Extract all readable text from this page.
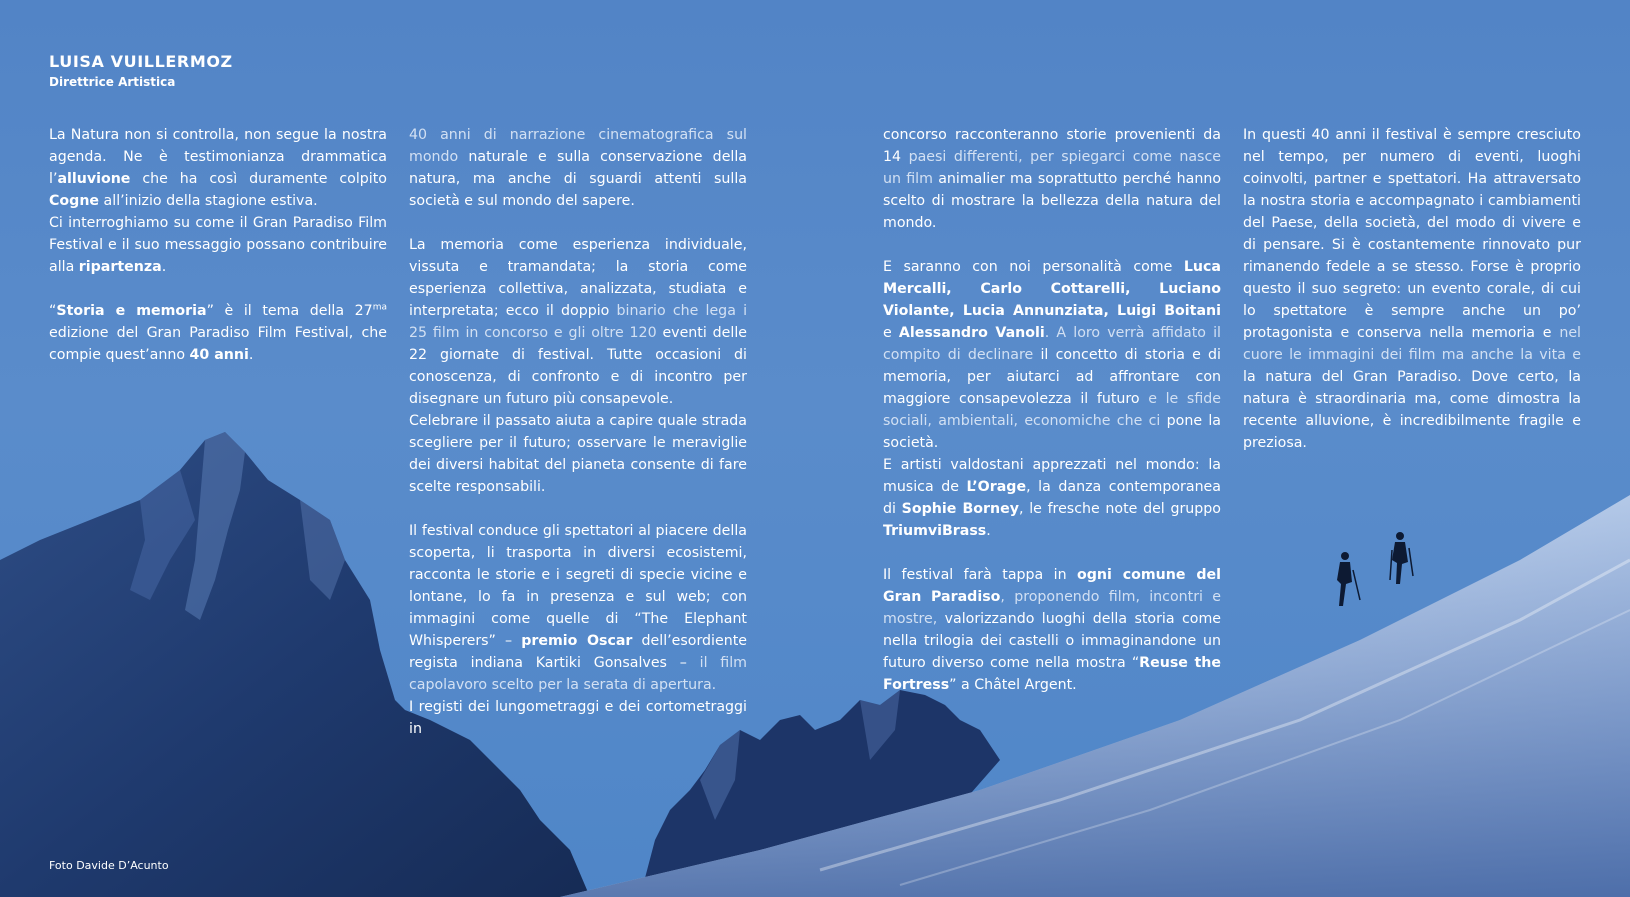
LUISA VUILLERMOZ
Direttrice Artistica

La Natura non si controlla, non segue la nostra agenda. Ne è testimonianza drammatica l’alluvione che ha così duramente colpito Cogne all’inizio della stagione estiva.

Ci interroghiamo su come il Gran Paradiso Film Festival e il suo messaggio possano contribuire alla ripartenza.

“Storia e memoria” è il tema della $27^{ma}$ edizione del Gran Paradiso Film Festival, che compie quest’anno 40 anni.

40 anni di narrazione cinematografica sul mondo naturale e sulla conservazione della natura, ma anche di sguardi attenti sulla società e sul mondo del sapere.

La memoria come esperienza individuale, vissuta e tramandata; la storia come esperienza collettiva, analizzata, studiata e interpretata; ecco il doppio binario che lega i 25 film in concorso e gli oltre 120 eventi delle 22 giornate di festival. Tutte occasioni di conoscenza, di confronto e di incontro per disegnare un futuro più consapevole.

Celebrare il passato aiuta a capire quale strada scegliere per il futuro; osservare le meraviglie dei diversi habitat del pianeta consente di fare scelte responsabili.

Il festival conduce gli spettatori al piacere della scoperta, li trasporta in diversi ecosistemi, racconta le storie e i segreti di specie vicine e lontane, lo fa in presenza e sul web; con immagini come quelle di “The Elephant Whisperers” – premio Oscar dell’esordiente regista indiana Kartiki Gonsalves – il film capolavoro scelto per la serata di apertura.

I registi dei lungometraggi e dei cortometraggi in

concorso racconteranno storie provenienti da 14 paesi differenti, per spiegarci come nasce un film animalier ma soprattutto perché hanno scelto di mostrare la bellezza della natura del mondo.

E saranno con noi personalità come Luca Mercalli, Carlo Cottarelli, Luciano Violante, Lucia Annunziata, Luigi Boitani e Alessandro Vanoli. A loro verrà affidato il compito di declinare il concetto di storia e di memoria, per aiutarci ad affrontare con maggiore consapevolezza il futuro e le sfide sociali, ambientali, economiche che ci pone la società.

E artisti valdostani apprezzati nel mondo: la musica de L’Orage, la danza contemporanea di Sophie Borney, le fresche note del gruppo TriumviBrass.

Il festival farà tappa in ogni comune del Gran Paradiso, proponendo film, incontri e mostre, valorizzando luoghi della storia come nella trilogia dei castelli o immaginandone un futuro diverso come nella mostra “Reuse the Fortress” a Châtel Argent.

In questi 40 anni il festival è sempre cresciuto nel tempo, per numero di eventi, luoghi coinvolti, partner e spettatori. Ha attraversato la nostra storia e accompagnato i cambiamenti del Paese, della società, del modo di vivere e di pensare. Si è costantemente rinnovato pur rimanendo fedele a se stesso. Forse è proprio questo il suo segreto: un evento corale, di cui lo spettatore è sempre anche un po’ protagonista e conserva nella memoria e nel cuore le immagini dei film ma anche la vita e la natura del Gran Paradiso. Dove certo, la natura è straordinaria ma, come dimostra la recente alluvione, è incredibilmente fragile e preziosa.

Foto Davide D’Acunto
